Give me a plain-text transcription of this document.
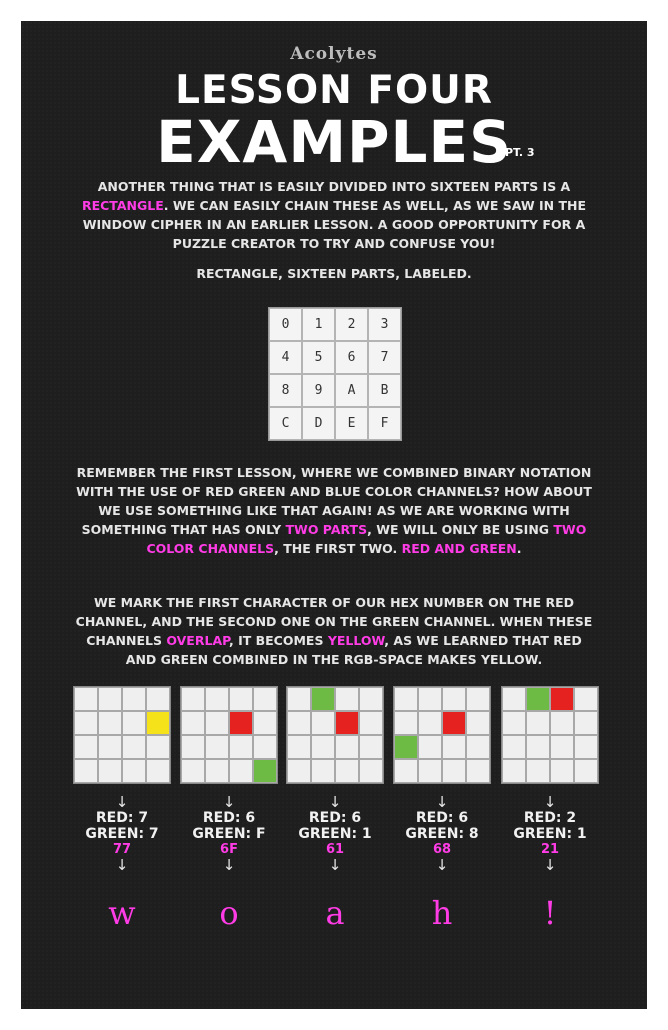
Acolytes
LESSON FOUR
EXAMPLES
PT. 3
ANOTHER THING THAT IS EASILY DIVIDED INTO SIXTEEN PARTS IS A RECTANGLE. WE CAN EASILY CHAIN THESE AS WELL, AS WE SAW IN THE WINDOW CIPHER IN AN EARLIER LESSON. A GOOD OPPORTUNITY FOR A PUZZLE CREATOR TO TRY AND CONFUSE YOU!
RECTANGLE, SIXTEEN PARTS, LABELED.
0	1	2	3
4	5	6	7
8	9	A	B
C	D	E	F
REMEMBER THE FIRST LESSON, WHERE WE COMBINED BINARY NOTATION WITH THE USE OF RED GREEN AND BLUE COLOR CHANNELS? HOW ABOUT WE USE SOMETHING LIKE THAT AGAIN! AS WE ARE WORKING WITH SOMETHING THAT HAS ONLY TWO PARTS, WE WILL ONLY BE USING TWO COLOR CHANNELS, THE FIRST TWO. RED AND GREEN.
WE MARK THE FIRST CHARACTER OF OUR HEX NUMBER ON THE RED CHANNEL, AND THE SECOND ONE ON THE GREEN CHANNEL. WHEN THESE CHANNELS OVERLAP, IT BECOMES YELLOW, AS WE LEARNED THAT RED AND GREEN COMBINED IN THE RGB-SPACE MAKES YELLOW.
↓
RED: 7
GREEN: 7
77
↓
w
↓
RED: 6
GREEN: F
6F
↓
o
↓
RED: 6
GREEN: 1
61
↓
a
↓
RED: 6
GREEN: 8
68
↓
h
↓
RED: 2
GREEN: 1
21
↓
!
